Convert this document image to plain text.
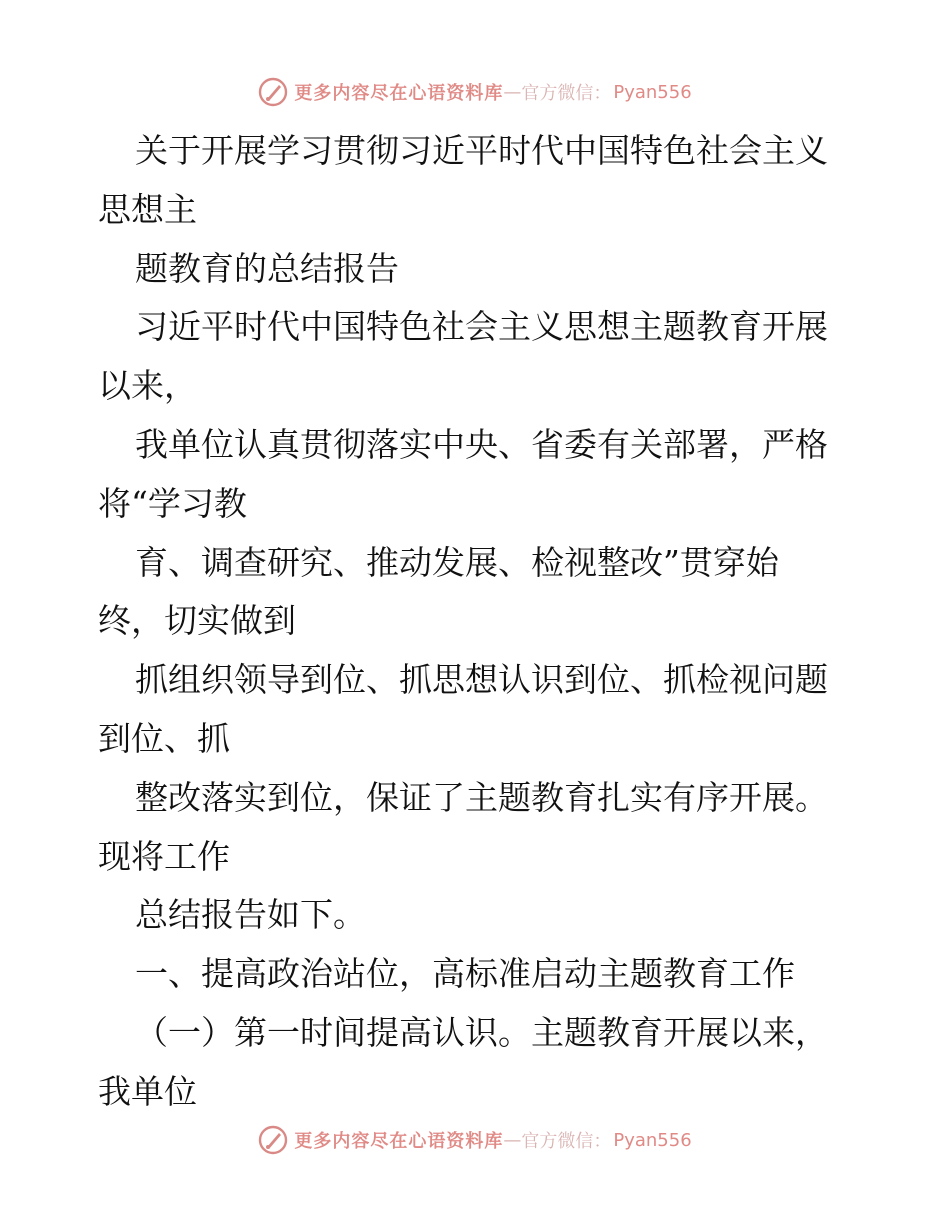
更多内容尽在心语资料库 — 官方微信： Pyan556
关于开展学习贯彻习近平时代中国特色社会主义
思想主
题教育的总结报告
习近平时代中国特色社会主义思想主题教育开展
以来，
我单位认真贯彻落实中央、省委有关部署，严格
将“学习教
育、调查研究、推动发展、检视整改”贯穿始
终，切实做到
抓组织领导到位、抓思想认识到位、抓检视问题
到位、抓
整改落实到位，保证了主题教育扎实有序开展。
现将工作
总结报告如下。
一、提高政治站位，高标准启动主题教育工作
（一）第一时间提高认识。主题教育开展以来，
我单位
更多内容尽在心语资料库 — 官方微信： Pyan556
